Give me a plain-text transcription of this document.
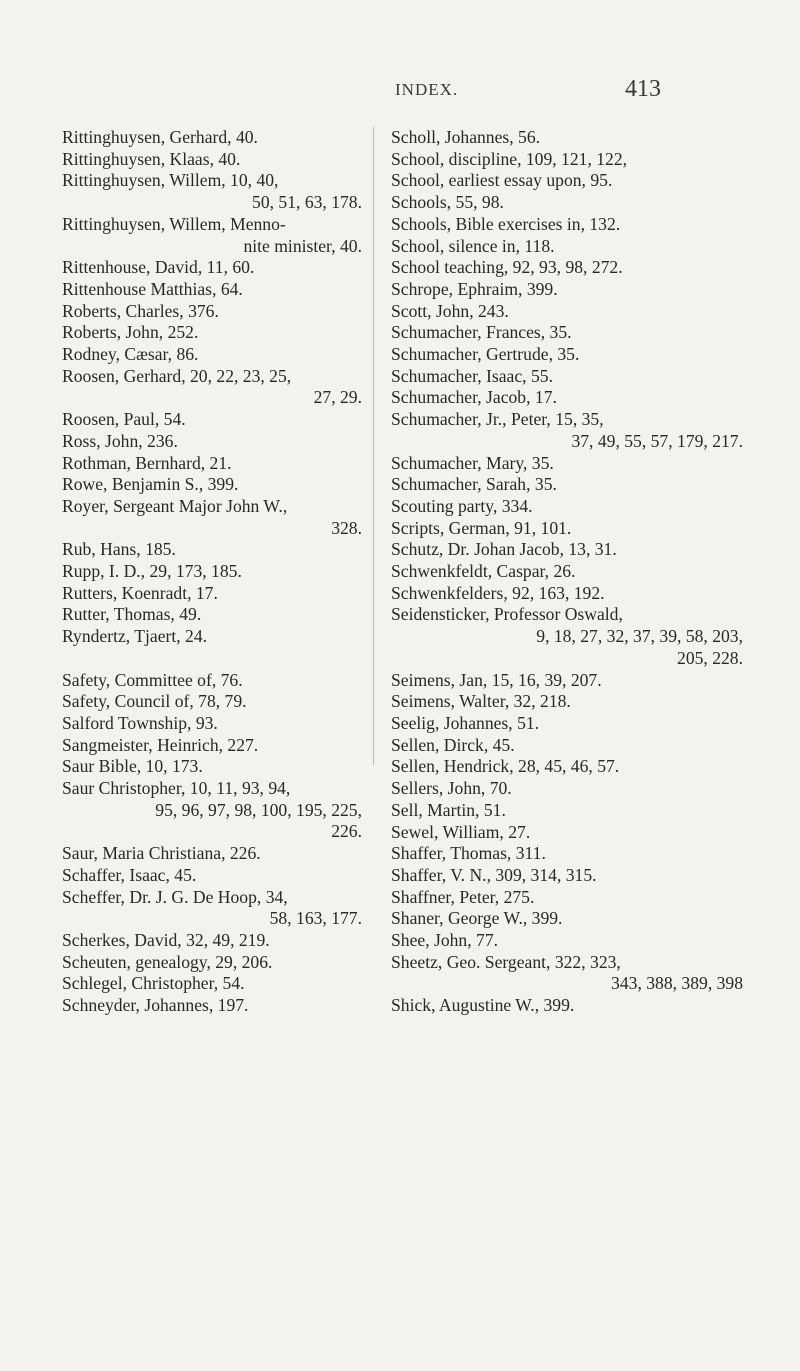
INDEX.	413
Rittinghuysen, Gerhard, 40.
Rittinghuysen, Klaas, 40.
Rittinghuysen, Willem, 10, 40,
50, 51, 63, 178.
Rittinghuysen, Willem, Menno-
nite minister, 40.
Rittenhouse, David, 11, 60.
Rittenhouse Matthias, 64.
Roberts, Charles, 376.
Roberts, John, 252.
Rodney, Cæsar, 86.
Roosen, Gerhard, 20, 22, 23, 25,
27, 29.
Roosen, Paul, 54.
Ross, John, 236.
Rothman, Bernhard, 21.
Rowe, Benjamin S., 399.
Royer, Sergeant Major John W.,
328.
Rub, Hans, 185.
Rupp, I. D., 29, 173, 185.
Rutters, Koenradt, 17.
Rutter, Thomas, 49.
Ryndertz, Tjaert, 24.
Safety, Committee of, 76.
Safety, Council of, 78, 79.
Salford Township, 93.
Sangmeister, Heinrich, 227.
Saur Bible, 10, 173.
Saur Christopher, 10, 11, 93, 94,
95, 96, 97, 98, 100, 195, 225,
226.
Saur, Maria Christiana, 226.
Schaffer, Isaac, 45.
Scheffer, Dr. J. G. De Hoop, 34,
58, 163, 177.
Scherkes, David, 32, 49, 219.
Scheuten, genealogy, 29, 206.
Schlegel, Christopher, 54.
Schneyder, Johannes, 197.
Scholl, Johannes, 56.
School, discipline, 109, 121, 122,
School, earliest essay upon, 95.
Schools, 55, 98.
Schools, Bible exercises in, 132.
School, silence in, 118.
School teaching, 92, 93, 98, 272.
Schrope, Ephraim, 399.
Scott, John, 243.
Schumacher, Frances, 35.
Schumacher, Gertrude, 35.
Schumacher, Isaac, 55.
Schumacher, Jacob, 17.
Schumacher, Jr., Peter, 15, 35,
37, 49, 55, 57, 179, 217.
Schumacher, Mary, 35.
Schumacher, Sarah, 35.
Scouting party, 334.
Scripts, German, 91, 101.
Schutz, Dr. Johan Jacob, 13, 31.
Schwenkfeldt, Caspar, 26.
Schwenkfelders, 92, 163, 192.
Seidensticker, Professor Oswald,
9, 18, 27, 32, 37, 39, 58, 203,
205, 228.
Seimens, Jan, 15, 16, 39, 207.
Seimens, Walter, 32, 218.
Seelig, Johannes, 51.
Sellen, Dirck, 45.
Sellen, Hendrick, 28, 45, 46, 57.
Sellers, John, 70.
Sell, Martin, 51.
Sewel, William, 27.
Shaffer, Thomas, 311.
Shaffer, V. N., 309, 314, 315.
Shaffner, Peter, 275.
Shaner, George W., 399.
Shee, John, 77.
Sheetz, Geo. Sergeant, 322, 323,
343, 388, 389, 398
Shick, Augustine W., 399.
